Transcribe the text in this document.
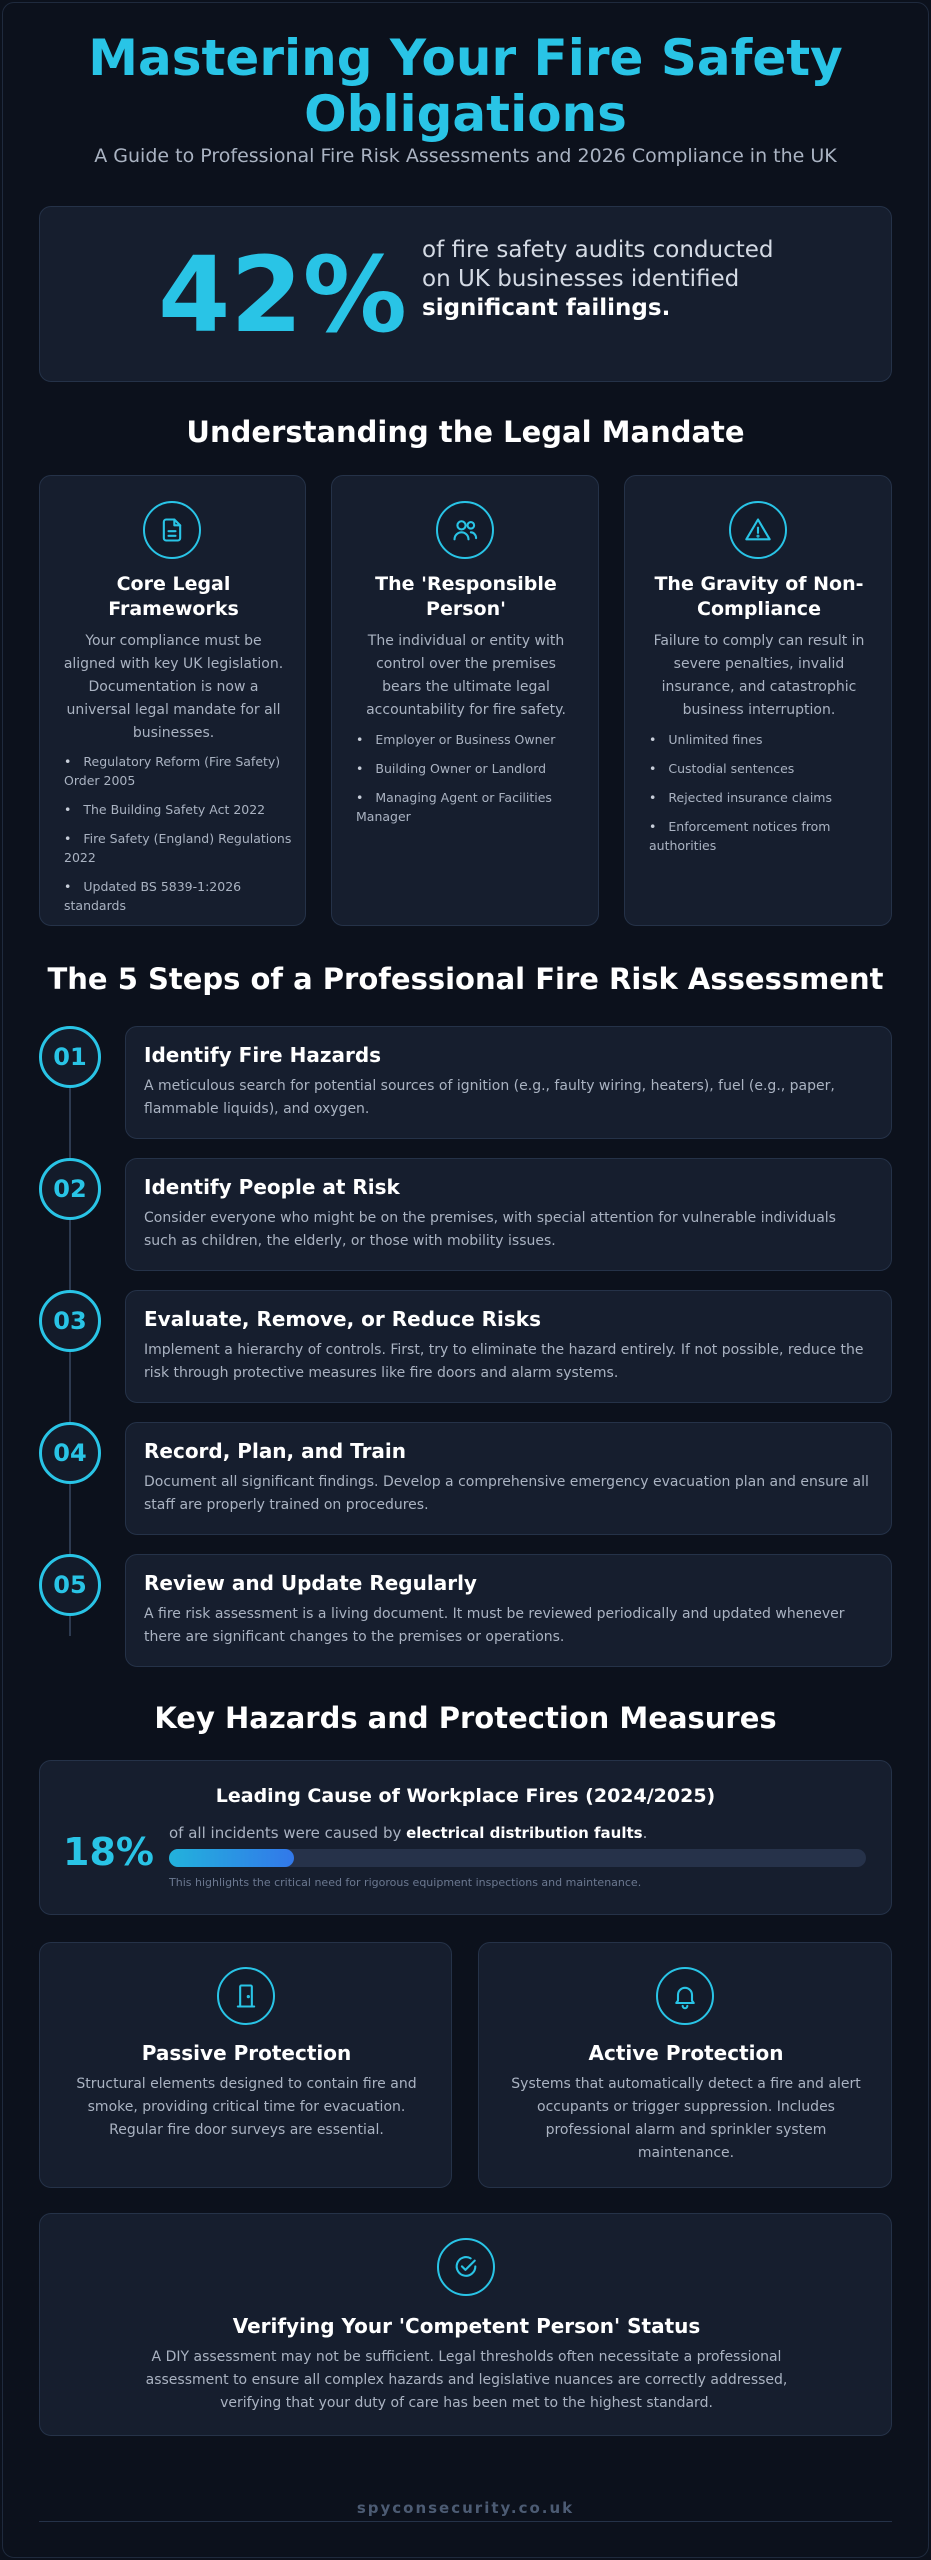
Mastering Your Fire Safety
Obligations
A Guide to Professional Fire Risk Assessments and 2026 Compliance in the UK
42% of fire safety audits conducted on UK businesses identified significant failings.
Understanding the Legal Mandate
Core Legal Frameworks
Your compliance must be aligned with key UK legislation. Documentation is now a universal legal mandate for all businesses.
• Regulatory Reform (Fire Safety) Order 2005
• The Building Safety Act 2022
• Fire Safety (England) Regulations 2022
• Updated BS 5839-1:2026 standards
The 'Responsible Person'
The individual or entity with control over the premises bears the ultimate legal accountability for fire safety.
• Employer or Business Owner
• Building Owner or Landlord
• Managing Agent or Facilities Manager
The Gravity of Non-Compliance
Failure to comply can result in severe penalties, invalid insurance, and catastrophic business interruption.
• Unlimited fines
• Custodial sentences
• Rejected insurance claims
• Enforcement notices from authorities
The 5 Steps of a Professional Fire Risk Assessment
01	Identify Fire Hazards
A meticulous search for potential sources of ignition (e.g., faulty wiring, heaters), fuel (e.g., paper, flammable liquids), and oxygen.
02	Identify People at Risk
Consider everyone who might be on the premises, with special attention for vulnerable individuals such as children, the elderly, or those with mobility issues.
03	Evaluate, Remove, or Reduce Risks
Implement a hierarchy of controls. First, try to eliminate the hazard entirely. If not possible, reduce the risk through protective measures like fire doors and alarm systems.
04	Record, Plan, and Train
Document all significant findings. Develop a comprehensive emergency evacuation plan and ensure all staff are properly trained on procedures.
05	Review and Update Regularly
A fire risk assessment is a living document. It must be reviewed periodically and updated whenever there are significant changes to the premises or operations.
Key Hazards and Protection Measures
Leading Cause of Workplace Fires (2024/2025)
18% of all incidents were caused by electrical distribution faults.
This highlights the critical need for rigorous equipment inspections and maintenance.
Passive Protection
Structural elements designed to contain fire and smoke, providing critical time for evacuation. Regular fire door surveys are essential.
Active Protection
Systems that automatically detect a fire and alert occupants or trigger suppression. Includes professional alarm and sprinkler system maintenance.
Verifying Your 'Competent Person' Status
A DIY assessment may not be sufficient. Legal thresholds often necessitate a professional assessment to ensure all complex hazards and legislative nuances are correctly addressed, verifying that your duty of care has been met to the highest standard.
spyconsecurity.co.uk
